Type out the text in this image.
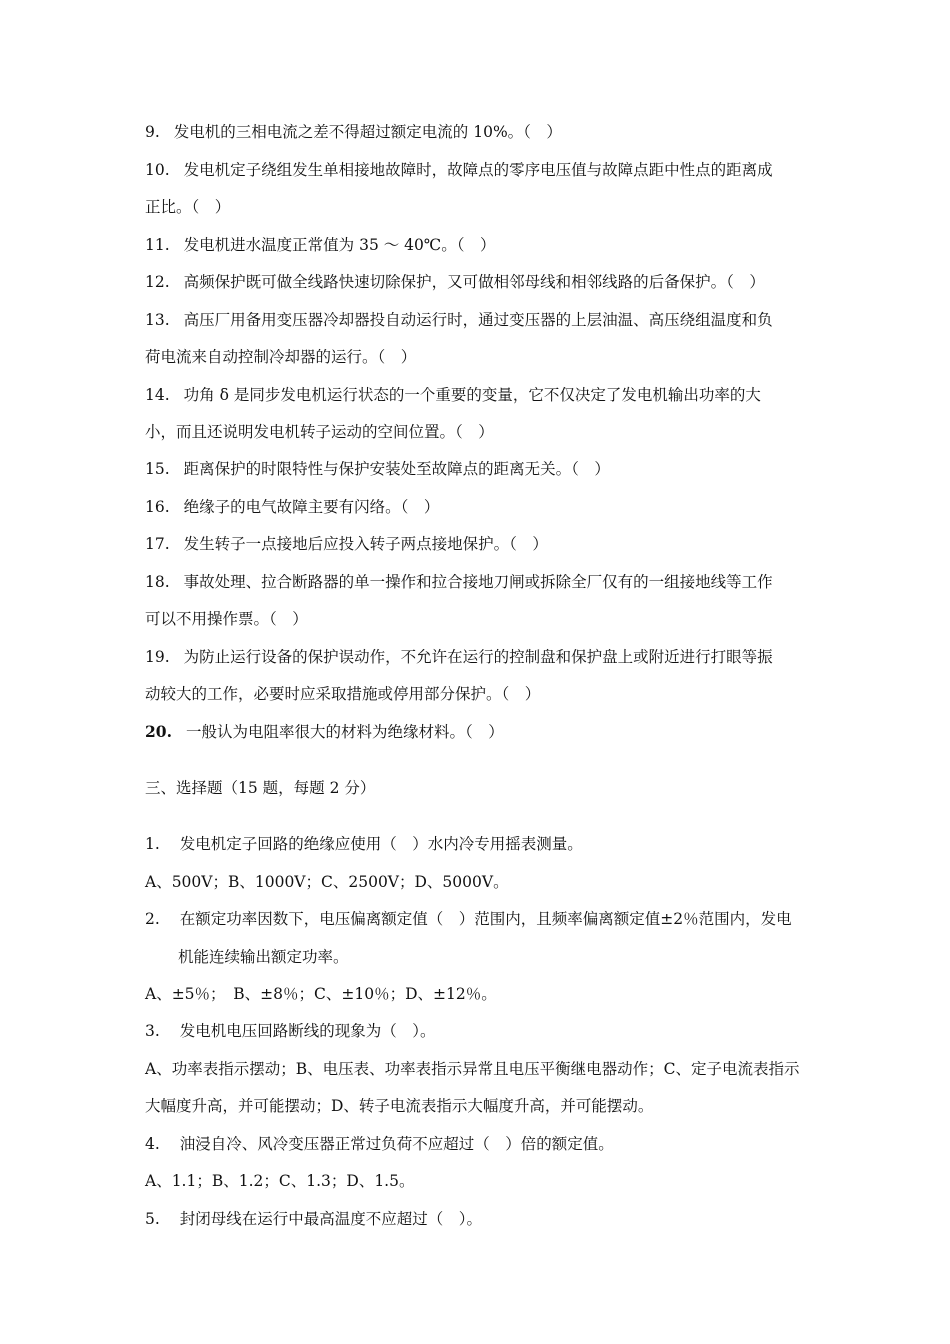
9. 发电机的三相电流之差不得超过额定电流的 10%。（　）
10. 发电机定子绕组发生单相接地故障时，故障点的零序电压值与故障点距中性点的距离成
正比。（　）
11. 发电机进水温度正常值为 35 ～ 40℃。（　）
12. 高频保护既可做全线路快速切除保护，又可做相邻母线和相邻线路的后备保护。（　）
13. 高压厂用备用变压器冷却器投自动运行时，通过变压器的上层油温、高压绕组温度和负
荷电流来自动控制冷却器的运行。（　）
14. 功角 δ 是同步发电机运行状态的一个重要的变量，它不仅决定了发电机输出功率的大
小，而且还说明发电机转子运动的空间位置。（　）
15. 距离保护的时限特性与保护安装处至故障点的距离无关。（　）
16. 绝缘子的电气故障主要有闪络。（　）
17. 发生转子一点接地后应投入转子两点接地保护。（　）
18. 事故处理、拉合断路器的单一操作和拉合接地刀闸或拆除全厂仅有的一组接地线等工作
可以不用操作票。（　）
19. 为防止运行设备的保护误动作，不允许在运行的控制盘和保护盘上或附近进行打眼等振
动较大的工作，必要时应采取措施或停用部分保护。（　）
20. 一般认为电阻率很大的材料为绝缘材料。（　）
三、选择题（15 题，每题 2 分）
1. 发电机定子回路的绝缘应使用（　）水内冷专用摇表测量。
A、500V；B、1000V；C、2500V；D、5000V。
2. 在额定功率因数下，电压偏离额定值（　）范围内，且频率偏离额定值±2％范围内，发电
机能连续输出额定功率。
A、±5％；　B、±8％；C、±10％；D、±12％。
3. 发电机电压回路断线的现象为（　）。
A、功率表指示摆动；B、电压表、功率表指示异常且电压平衡继电器动作；C、定子电流表指示
大幅度升高，并可能摆动；D、转子电流表指示大幅度升高，并可能摆动。
4. 油浸自冷、风冷变压器正常过负荷不应超过（　）倍的额定值。
A、1.1；B、1.2；C、1.3；D、1.5。
5. 封闭母线在运行中最高温度不应超过（　）。
